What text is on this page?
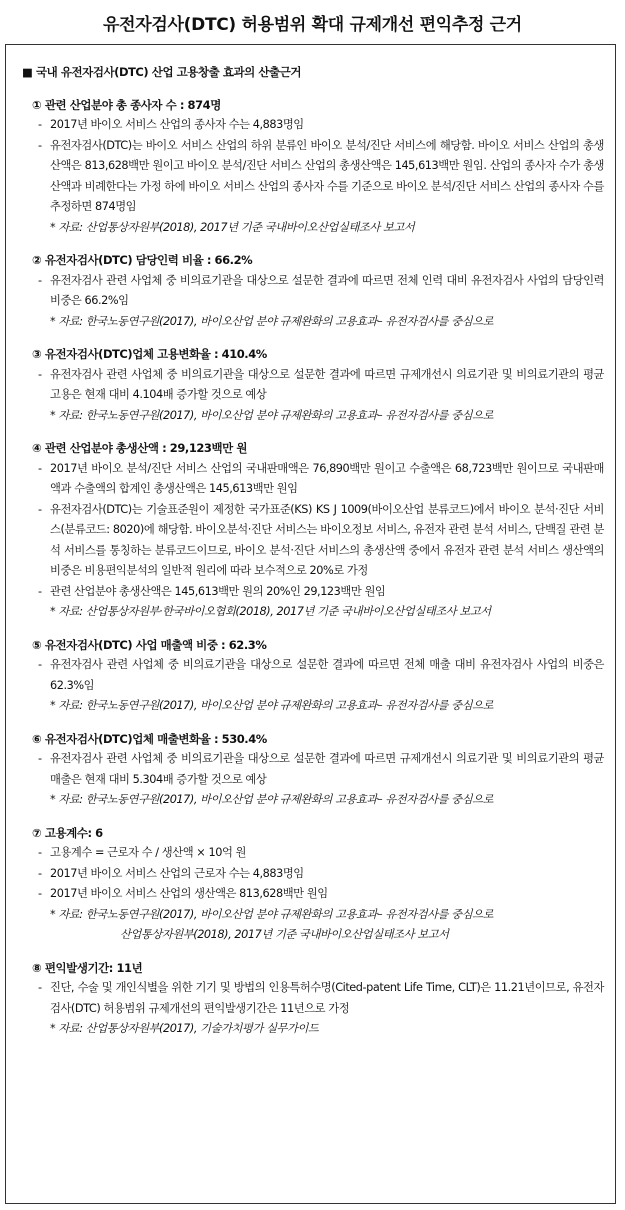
유전자검사(DTC) 허용범위 확대 규제개선 편익추정 근거
■ 국내 유전자검사(DTC) 산업 고용창출 효과의 산출근거
① 관련 산업분야 총 종사자 수 : 874명
- 2017년 바이오 서비스 산업의 종사자 수는 4,883명임
- 유전자검사(DTC)는 바이오 서비스 산업의 하위 분류인 바이오 분석/진단 서비스에 해당함. 바이오 서비스 산업의 총생산액은 813,628백만 원이고 바이오 분석/진단 서비스 산업의 총생산액은 145,613백만 원임. 산업의 종사자 수가 총생산액과 비례한다는 가정 하에 바이오 서비스 산업의 종사자 수를 기준으로 바이오 분석/진단 서비스 산업의 종사자 수를 추정하면 874명임
* 자료: 산업통상자원부(2018), 2017년 기준 국내바이오산업실태조사 보고서
② 유전자검사(DTC) 담당인력 비율 : 66.2%
- 유전자검사 관련 사업체 중 비의료기관을 대상으로 설문한 결과에 따르면 전체 인력 대비 유전자검사 사업의 담당인력 비중은 66.2%임
* 자료: 한국노동연구원(2017), 바이오산업 분야 규제완화의 고용효과– 유전자검사를 중심으로
③ 유전자검사(DTC)업체 고용변화율 : 410.4%
- 유전자검사 관련 사업체 중 비의료기관을 대상으로 설문한 결과에 따르면 규제개선시 의료기관 및 비의료기관의 평균 고용은 현재 대비 4.104배 증가할 것으로 예상
* 자료: 한국노동연구원(2017), 바이오산업 분야 규제완화의 고용효과– 유전자검사를 중심으로
④ 관련 산업분야 총생산액 : 29,123백만 원
- 2017년 바이오 분석/진단 서비스 산업의 국내판매액은 76,890백만 원이고 수출액은 68,723백만 원이므로 국내판매액과 수출액의 합계인 총생산액은 145,613백만 원임
- 유전자검사(DTC)는 기술표준원이 제정한 국가표준(KS) KS J 1009(바이오산업 분류코드)에서 바이오 분석·진단 서비스(분류코드: 8020)에 해당함. 바이오분석·진단 서비스는 바이오정보 서비스, 유전자 관련 분석 서비스, 단백질 관련 분석 서비스를 통칭하는 분류코드이므로, 바이오 분석·진단 서비스의 총생산액 중에서 유전자 관련 분석 서비스 생산액의 비중은 비용편익분석의 일반적 원리에 따라 보수적으로 20%로 가정
- 관련 산업분야 총생산액은 145,613백만 원의 20%인 29,123백만 원임
* 자료: 산업통상자원부·한국바이오협회(2018), 2017년 기준 국내바이오산업실태조사 보고서
⑤ 유전자검사(DTC) 사업 매출액 비중 : 62.3%
- 유전자검사 관련 사업체 중 비의료기관을 대상으로 설문한 결과에 따르면 전체 매출 대비 유전자검사 사업의 비중은 62.3%임
* 자료: 한국노동연구원(2017), 바이오산업 분야 규제완화의 고용효과– 유전자검사를 중심으로
⑥ 유전자검사(DTC)업체 매출변화율 : 530.4%
- 유전자검사 관련 사업체 중 비의료기관을 대상으로 설문한 결과에 따르면 규제개선시 의료기관 및 비의료기관의 평균 매출은 현재 대비 5.304배 증가할 것으로 예상
* 자료: 한국노동연구원(2017), 바이오산업 분야 규제완화의 고용효과– 유전자검사를 중심으로
⑦ 고용계수: 6
- 고용계수 = 근로자 수 / 생산액 × 10억 원
- 2017년 바이오 서비스 산업의 근로자 수는 4,883명임
- 2017년 바이오 서비스 산업의 생산액은 813,628백만 원임
* 자료: 한국노동연구원(2017), 바이오산업 분야 규제완화의 고용효과– 유전자검사를 중심으로
산업통상자원부(2018), 2017년 기준 국내바이오산업실태조사 보고서
⑧ 편익발생기간: 11년
- 진단, 수술 및 개인식별을 위한 기기 및 방법의 인용특허수명(Cited-patent Life Time, CLT)은 11.21년이므로, 유전자검사(DTC) 허용범위 규제개선의 편익발생기간은 11년으로 가정
* 자료: 산업통상자원부(2017), 기술가치평가 실무가이드
